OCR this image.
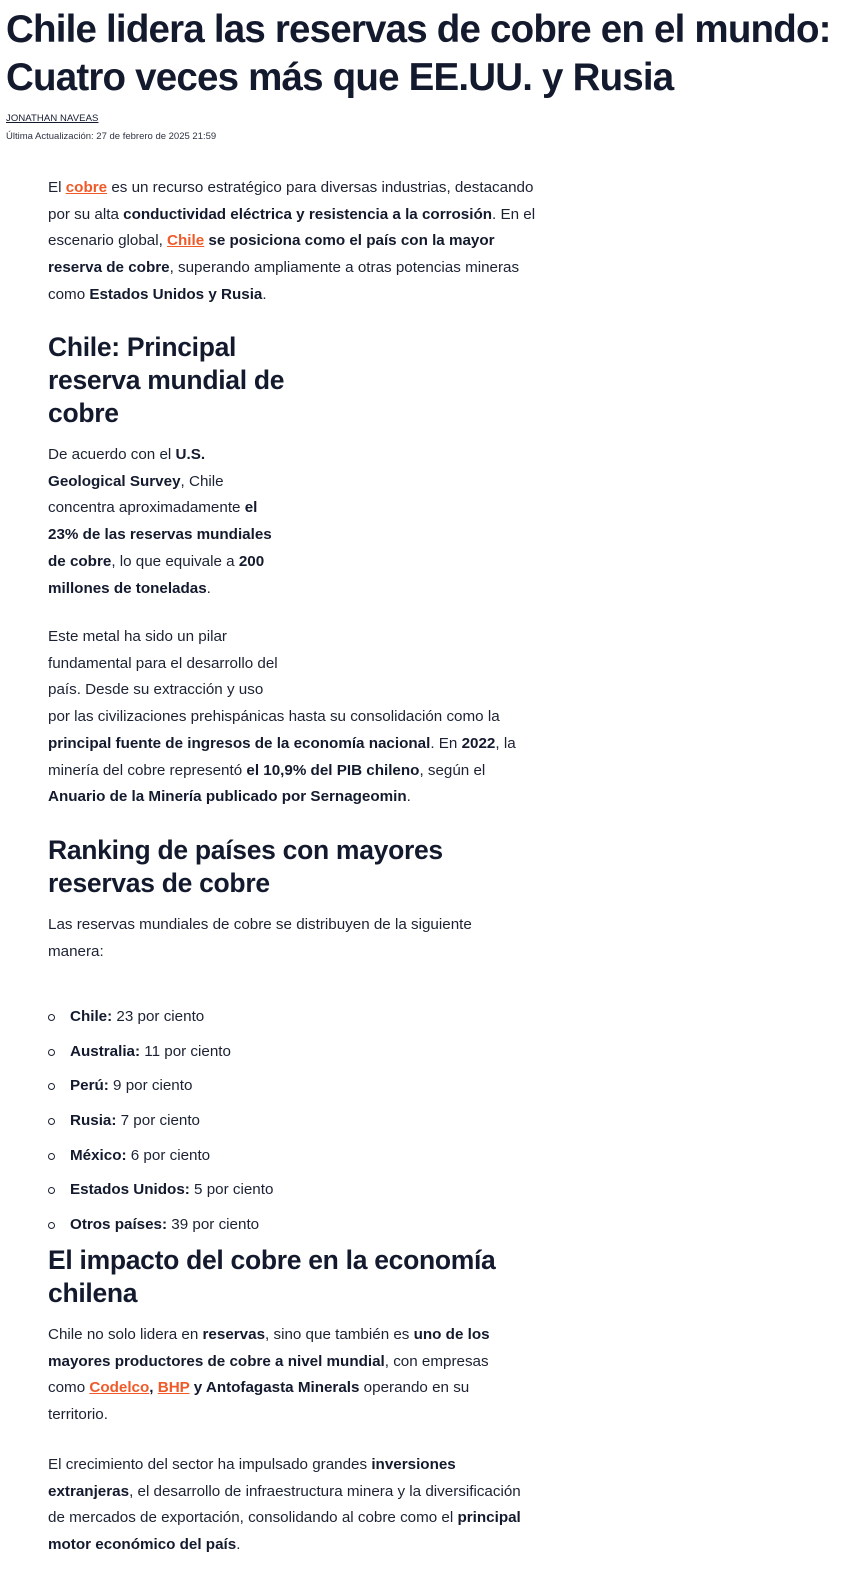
Chile lidera las reservas de cobre en el mundo: Cuatro veces más que EE.UU. y Rusia
JONATHAN NAVEAS
Última Actualización: 27 de febrero de 2025 21:59

El cobre es un recurso estratégico para diversas industrias, destacando por su alta conductividad eléctrica y resistencia a la corrosión. En el escenario global, Chile se posiciona como el país con la mayor reserva de cobre, superando ampliamente a otras potencias mineras como Estados Unidos y Rusia.

Chile: Principal reserva mundial de cobre

De acuerdo con el U.S. Geological Survey, Chile concentra aproximadamente el 23% de las reservas mundiales de cobre, lo que equivale a 200 millones de toneladas.

Este metal ha sido un pilar
fundamental para el desarrollo del
país. Desde su extracción y uso
por las civilizaciones prehispánicas hasta su consolidación como la principal fuente de ingresos de la economía nacional. En 2022, la minería del cobre representó el 10,9% del PIB chileno, según el Anuario de la Minería publicado por Sernageomin.
Ranking de países con mayores reservas de cobre

Las reservas mundiales de cobre se distribuyen de la siguiente manera:

Chile: 23 por ciento
Australia: 11 por ciento
Perú: 9 por ciento
Rusia: 7 por ciento
México: 6 por ciento
Estados Unidos: 5 por ciento
Otros países: 39 por ciento
El impacto del cobre en la economía chilena

Chile no solo lidera en reservas, sino que también es uno de los mayores productores de cobre a nivel mundial, con empresas como Codelco, BHP y Antofagasta Minerals operando en su territorio.

El crecimiento del sector ha impulsado grandes inversiones extranjeras, el desarrollo de infraestructura minera y la diversificación de mercados de exportación, consolidando al cobre como el principal motor económico del país.
